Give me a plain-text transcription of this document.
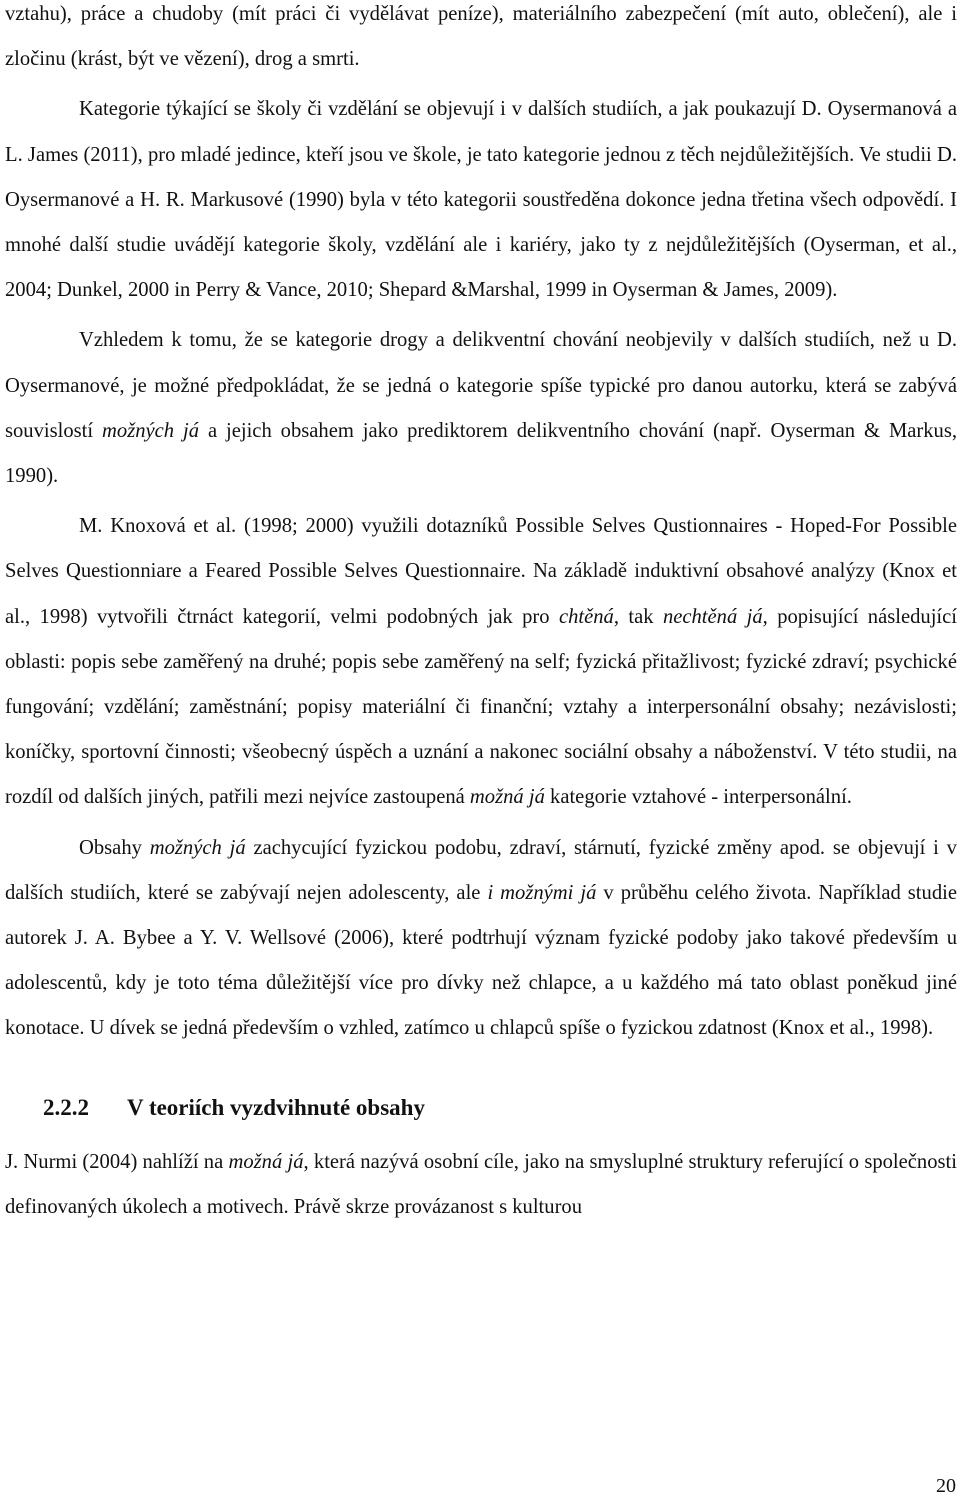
vztahu), práce a chudoby (mít práci či vydělávat peníze), materiálního zabezpečení (mít auto, oblečení), ale i zločinu (krást, být ve vězení), drog a smrti.

Kategorie týkající se školy či vzdělání se objevují i v dalších studiích, a jak poukazují D. Oysermanová a L. James (2011), pro mladé jedince, kteří jsou ve škole, je tato kategorie jednou z těch nejdůležitějších. Ve studii D. Oysermanové a H. R. Markusové (1990) byla v této kategorii soustředěna dokonce jedna třetina všech odpovědí. I mnohé další studie uvádějí kategorie školy, vzdělání ale i kariéry, jako ty z nejdůležitějších (Oyserman, et al., 2004; Dunkel, 2000 in Perry & Vance, 2010; Shepard &Marshal, 1999 in Oyserman & James, 2009).

Vzhledem k tomu, že se kategorie drogy a delikventní chování neobjevily v dalších studiích, než u D. Oysermanové, je možné předpokládat, že se jedná o kategorie spíše typické pro danou autorku, která se zabývá souvislostí možných já a jejich obsahem jako prediktorem delikventního chování (např. Oyserman & Markus, 1990).

M. Knoxová et al. (1998; 2000) využili dotazníků Possible Selves Qustionnaires - Hoped-For Possible Selves Questionniare a Feared Possible Selves Questionnaire. Na základě induktivní obsahové analýzy (Knox et al., 1998) vytvořili čtrnáct kategorií, velmi podobných jak pro chtěná, tak nechtěná já, popisující následující oblasti: popis sebe zaměřený na druhé; popis sebe zaměřený na self; fyzická přitažlivost; fyzické zdraví; psychické fungování; vzdělání; zaměstnání; popisy materiální či finanční; vztahy a interpersonální obsahy; nezávislosti; koníčky, sportovní činnosti; všeobecný úspěch a uznání a nakonec sociální obsahy a náboženství. V této studii, na rozdíl od dalších jiných, patřili mezi nejvíce zastoupená možná já kategorie vztahové - interpersonální.

Obsahy možných já zachycující fyzickou podobu, zdraví, stárnutí, fyzické změny apod. se objevují i v dalších studiích, které se zabývají nejen adolescenty, ale i možnými já v průběhu celého života. Například studie autorek J. A. Bybee a Y. V. Wellsové (2006), které podtrhují význam fyzické podoby jako takové především u adolescentů, kdy je toto téma důležitější více pro dívky než chlapce, a u každého má tato oblast poněkud jiné konotace. U dívek se jedná především o vzhled, zatímco u chlapců spíše o fyzickou zdatnost (Knox et al., 1998).

2.2.2 V teoriích vyzdvihnuté obsahy

J. Nurmi (2004) nahlíží na možná já, která nazývá osobní cíle, jako na smysluplné struktury referující o společnosti definovaných úkolech a motivech. Právě skrze provázanost s kulturou

20
